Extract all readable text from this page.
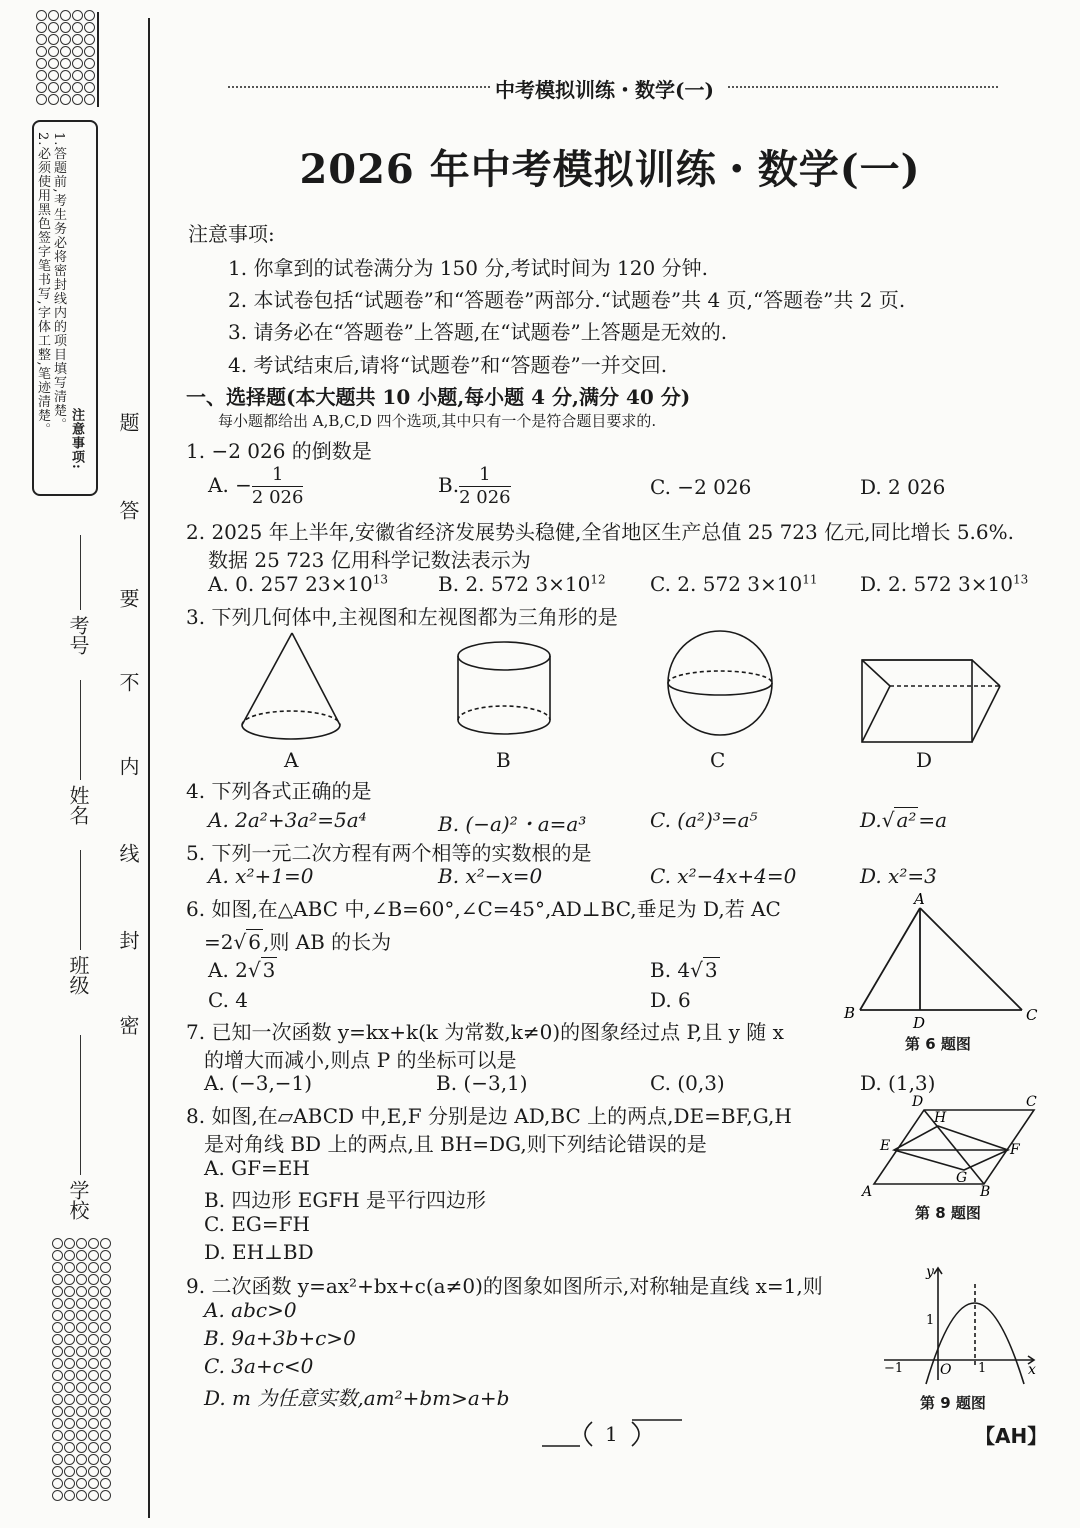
注意事项:
1.答题前,考生务必将密封线内的项目填写清楚。
2.必须使用黑色签字笔书写,字体工整,笔迹清楚。	题
答
要
不
内
线
封
密
考号
姓名
班级
学校
中考模拟训练・数学(一)
2026 年中考模拟训练・数学(一)
注意事项:
1. 你拿到的试卷满分为 150 分,考试时间为 120 分钟.
2. 本试卷包括“试题卷”和“答题卷”两部分.“试题卷”共 4 页,“答题卷”共 2 页.
3. 请务必在“答题卷”上答题,在“试题卷”上答题是无效的.
4. 考试结束后,请将“试题卷”和“答题卷”一并交回.
一、选择题(本大题共 10 小题,每小题 4 分,满分 40 分)
每小题都给出 A,B,C,D 四个选项,其中只有一个是符合题目要求的.
1. −2 026 的倒数是
A. − $\frac{1}{2 026}$	B. $\frac{1}{2 026}$	C. −2 026	D. 2 026
2. 2025 年上半年,安徽省经济发展势头稳健,全省地区生产总值 25 723 亿元,同比增长 5.6%.
数据 25 723 亿用科学记数法表示为
A. 0. 257 $23\times 10^{13}$ B. 2. 572 $3\times 10^{12}$ C. 2. 572 $3\times 10^{11}$ D. 2. 572 $3\times 10^{13}$
3. 下列几何体中,主视图和左视图都为三角形的是
A	B	C	D
4. 下列各式正确的是
A. 2a²+3a²=5a⁴	B. (−a)²・a=a³	C. (a²)³=a⁵	D.√ a² =a
5. 下列一元二次方程有两个相等的实数根的是
A. x²+1=0	B. x²−x=0	C. x²−4x+4=0	D. x²=3
6. 如图,在△ABC 中,∠B=60°,∠C=45°,AD⊥BC,垂足为 D,若 AC
=2√ 6 ,则 AB 的长为
A. 2√ 3	B. 4√ 3
C. 4	D. 6
A
B
D	C
第 6 题图
7. 已知一次函数 y=kx+k(k 为常数,k≠0)的图象经过点 P,且 y 随 x
的增大而减小,则点 P 的坐标可以是
A. (−3,−1)	B. (−3,1)	C. (0,3)	D. (1,3)
8. 如图,在▱ABCD 中,E,F 分别是边 AD,BC 上的两点,DE=BF,G,H
是对角线 BD 上的两点,且 BH=DG,则下列结论错误的是
A. GF=EH
B. 四边形 EGFH 是平行四边形
C. EG=FH
D. EH⊥BD
D	C
H
E	F
G
A	B
第 8 题图
9. 二次函数 y=ax²+bx+c(a≠0)的图象如图所示,对称轴是直线 x=1,则
A. abc>0
B. 9a+3b+c>0
C. 3a+c<0
D. m 为任意实数,am²+bm>a+b
y
x
O 1
−1
1
第 9 题图
1	【AH】
